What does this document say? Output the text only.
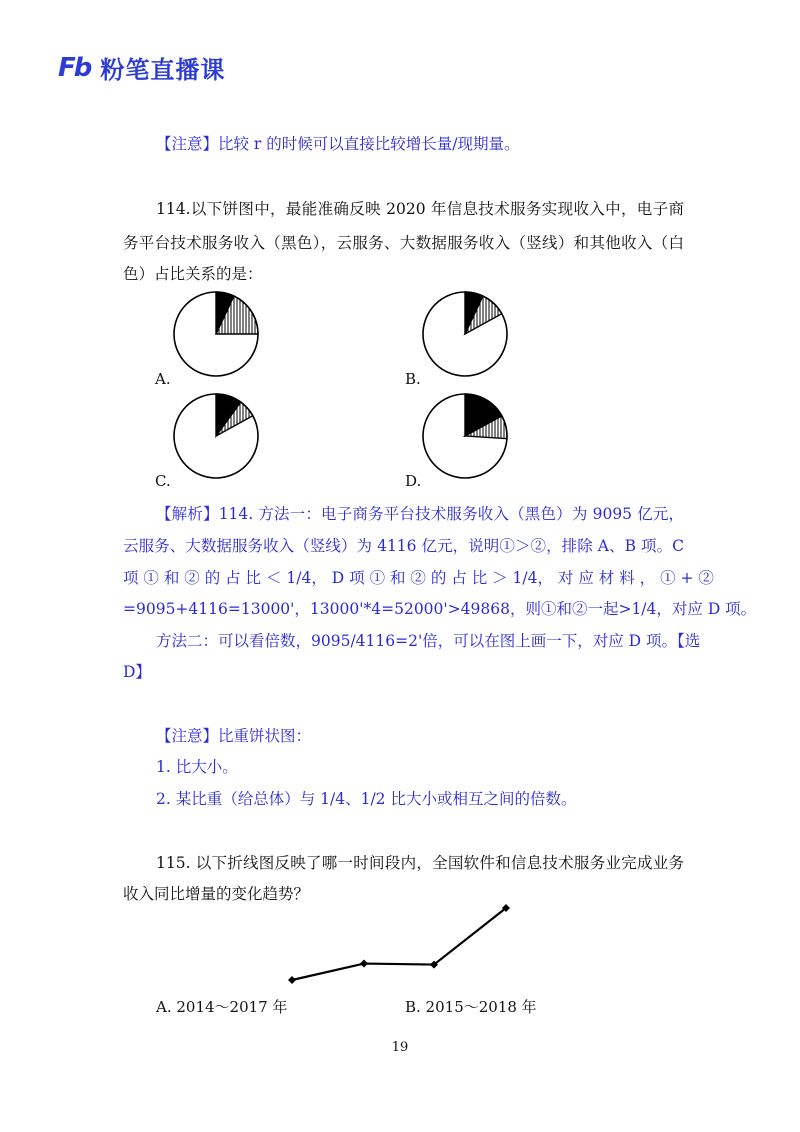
Fb 粉笔直播课
【注意】比较 r 的时候可以直接比较增长量/现期量。
114.以下饼图中，最能准确反映 2020 年信息技术服务实现收入中，电子商
务平台技术服务收入（黑色），云服务、大数据服务收入（竖线）和其他收入（白
色）占比关系的是：
A.	B.
C.	D.
【解析】114. 方法一：电子商务平台技术服务收入（黑色）为 9095 亿元，
云服务、大数据服务收入（竖线）为 4116 亿元，说明①＞②，排除 A、B 项。C
项 ① 和 ② 的 占 比 ＜ 1/4， D 项 ① 和 ② 的 占 比 ＞ 1/4， 对 应 材 料 ， ① + ②
=9095+4116=13000'，13000'*4=52000'>49868，则①和②一起>1/4，对应 D 项。
方法二：可以看倍数，9095/4116=2'倍，可以在图上画一下，对应 D 项。【选
D】
【注意】比重饼状图：
1. 比大小。
2. 某比重（给总体）与 1/4、1/2 比大小或相互之间的倍数。
115. 以下折线图反映了哪一时间段内，全国软件和信息技术服务业完成业务
收入同比增量的变化趋势？
A. 2014～2017 年	B. 2015～2018 年
19
